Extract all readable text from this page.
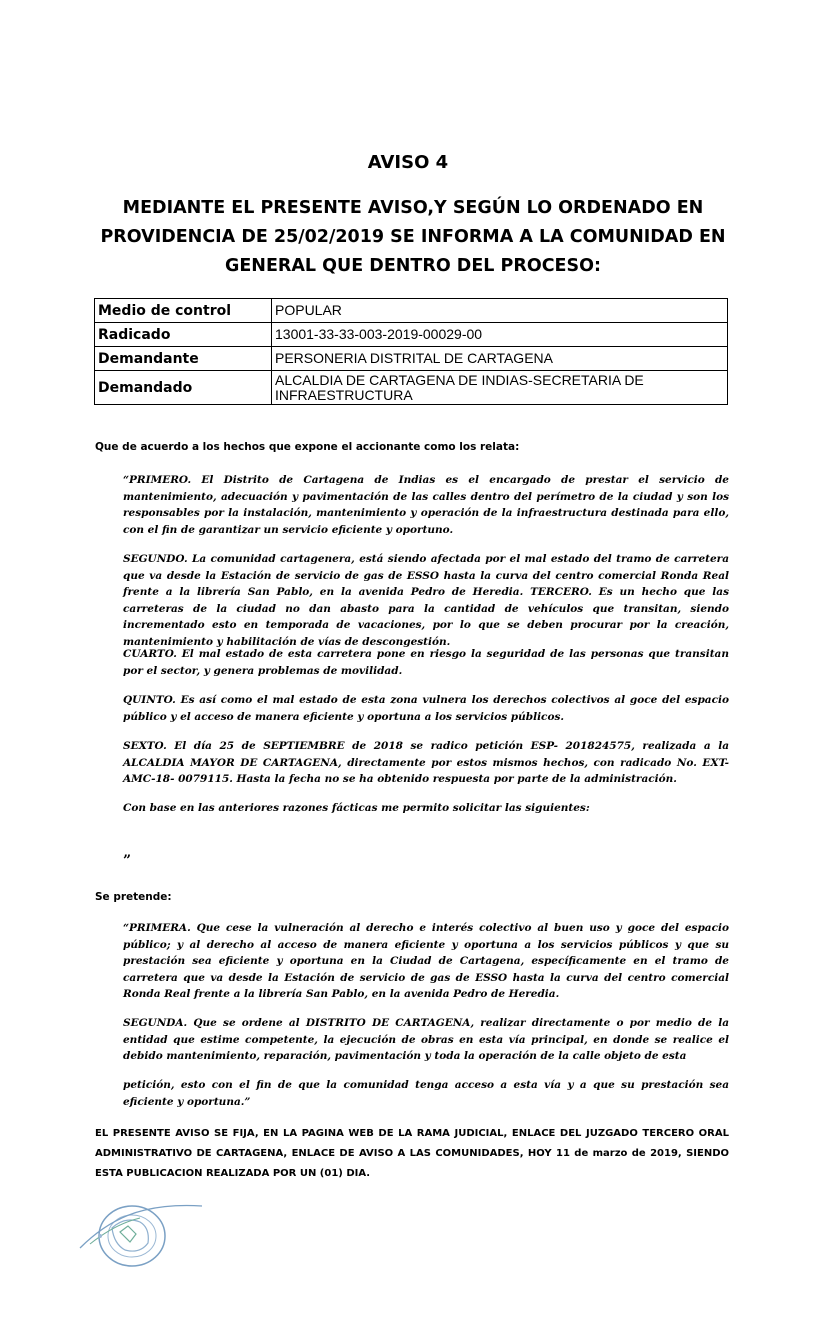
AVISO 4
MEDIANTE EL PRESENTE AVISO,Y SEGÚN LO ORDENADO EN PROVIDENCIA DE 25/02/2019 SE INFORMA A LA COMUNIDAD EN GENERAL QUE DENTRO DEL PROCESO:
Medio de control	POPULAR
Radicado	13001-33-33-003-2019-00029-00
Demandante	PERSONERIA DISTRITAL DE CARTAGENA
Demandado	ALCALDIA DE CARTAGENA DE INDIAS-SECRETARIA DE INFRAESTRUCTURA
Que de acuerdo a los hechos que expone el accionante como los relata:
“PRIMERO. El Distrito de Cartagena de Indias es el encargado de prestar el servicio de mantenimiento, adecuación y pavimentación de las calles dentro del perímetro de la ciudad y son los responsables por la instalación, mantenimiento y operación de la infraestructura destinada para ello, con el fin de garantizar un servicio eficiente y oportuno.
SEGUNDO. La comunidad cartagenera, está siendo afectada por el mal estado del tramo de carretera que va desde la Estación de servicio de gas de ESSO hasta la curva del centro comercial Ronda Real frente a la librería San Pablo, en la avenida Pedro de Heredia. TERCERO. Es un hecho que las carreteras de la ciudad no dan abasto para la cantidad de vehículos que transitan, siendo incrementado esto en temporada de vacaciones, por lo que se deben procurar por la creación, mantenimiento y habilitación de vías de descongestión.
CUARTO. El mal estado de esta carretera pone en riesgo la seguridad de las personas que transitan por el sector, y genera problemas de movilidad.
QUINTO. Es así como el mal estado de esta zona vulnera los derechos colectivos al goce del espacio público y el acceso de manera eficiente y oportuna a los servicios públicos.
SEXTO. El día 25 de SEPTIEMBRE de 2018 se radico petición ESP- 201824575, realizada a la ALCALDIA MAYOR DE CARTAGENA, directamente por estos mismos hechos, con radicado No. EXT-AMC-18- 0079115. Hasta la fecha no se ha obtenido respuesta por parte de la administración.
Con base en las anteriores razones fácticas me permito solicitar las siguientes:
”
Se pretende:
“PRIMERA. Que cese la vulneración al derecho e interés colectivo al buen uso y goce del espacio público; y al derecho al acceso de manera eficiente y oportuna a los servicios públicos y que su prestación sea eficiente y oportuna en la Ciudad de Cartagena, específicamente en el tramo de carretera que va desde la Estación de servicio de gas de ESSO hasta la curva del centro comercial Ronda Real frente a la librería San Pablo, en la avenida Pedro de Heredia.
SEGUNDA. Que se ordene al DISTRITO DE CARTAGENA, realizar directamente o por medio de la entidad que estime competente, la ejecución de obras en esta vía principal, en donde se realice el debido mantenimiento, reparación, pavimentación y toda la operación de la calle objeto de esta
petición, esto con el fin de que la comunidad tenga acceso a esta vía y a que su prestación sea eficiente y oportuna.”
EL PRESENTE AVISO SE FIJA, EN LA PAGINA WEB DE LA RAMA JUDICIAL, ENLACE DEL JUZGADO TERCERO ORAL ADMINISTRATIVO DE CARTAGENA, ENLACE DE AVISO A LAS COMUNIDADES, HOY 11 de marzo de 2019, SIENDO ESTA PUBLICACION REALIZADA POR UN (01) DIA.
